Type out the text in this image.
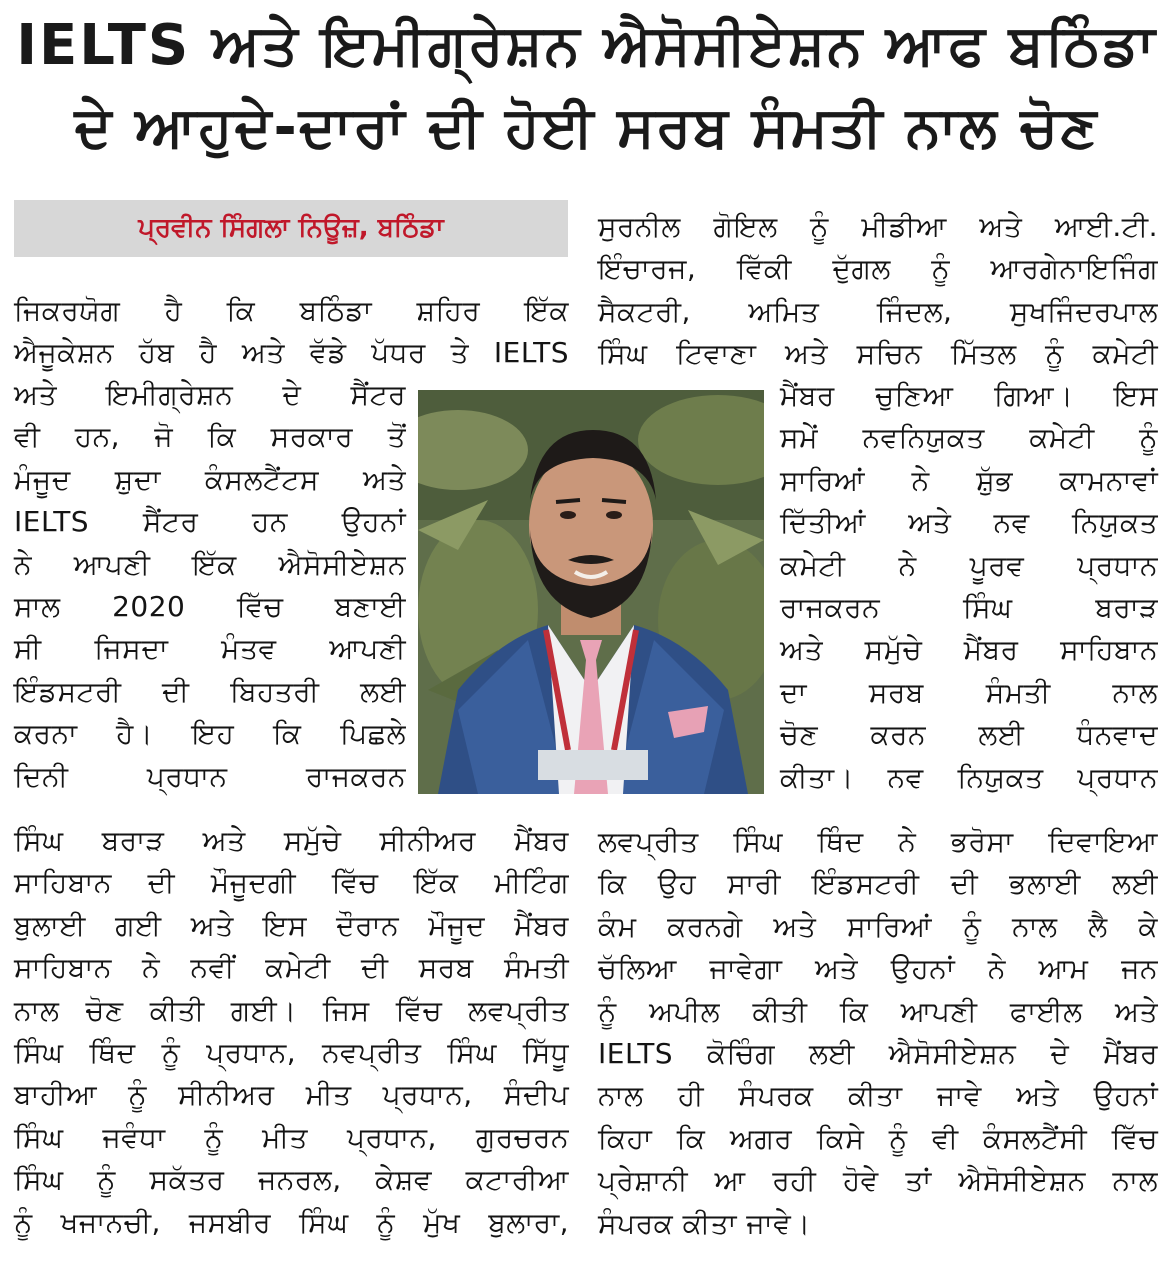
IELTS ਅਤੇ ਇਮੀਗ੍ਰੇਸ਼ਨ ਐਸੋਸੀਏਸ਼ਨ ਆਫ ਬਠਿੰਡਾ
ਦੇ ਆਹੁਦੇ-ਦਾਰਾਂ ਦੀ ਹੋਈ ਸਰਬ ਸੰਮਤੀ ਨਾਲ ਚੋਣ
ਪ੍ਰਵੀਨ ਸਿੰਗਲਾ ਨਿਊਜ਼, ਬਠਿੰਡਾ
ਜਿਕਰਯੋਗ ਹੈ ਕਿ ਬਠਿੰਡਾ ਸ਼ਹਿਰ ਇੱਕ
ਐਜੂਕੇਸ਼ਨ ਹੱਬ ਹੈ ਅਤੇ ਵੱਡੇ ਪੱਧਰ ਤੇ IELTS
ਅਤੇ ਇਮੀਗ੍ਰੇਸ਼ਨ ਦੇ ਸੈਂਟਰ
ਵੀ ਹਨ, ਜੋ ਕਿ ਸਰਕਾਰ ਤੋਂ
ਮੰਜੂਦ ਸ਼ੁਦਾ ਕੰਸਲਟੈਂਟਸ ਅਤੇ
IELTS ਸੈਂਟਰ ਹਨ ਉਹਨਾਂ
ਨੇ ਆਪਣੀ ਇੱਕ ਐਸੋਸੀਏਸ਼ਨ
ਸਾਲ 2020 ਵਿੱਚ ਬਣਾਈ
ਸੀ ਜਿਸਦਾ ਮੰਤਵ ਆਪਣੀ
ਇੰਡਸਟਰੀ ਦੀ ਬਿਹਤਰੀ ਲਈ
ਕਰਨਾ ਹੈ। ਇਹ ਕਿ ਪਿਛਲੇ
ਦਿਨੀ ਪ੍ਰਧਾਨ ਰਾਜਕਰਨ
ਸਿੰਘ ਬਰਾੜ ਅਤੇ ਸਮੁੱਚੇ ਸੀਨੀਅਰ ਮੈਂਬਰ
ਸਾਹਿਬਾਨ ਦੀ ਮੌਜੂਦਗੀ ਵਿੱਚ ਇੱਕ ਮੀਟਿੰਗ
ਬੁਲਾਈ ਗਈ ਅਤੇ ਇਸ ਦੌਰਾਨ ਮੌਜੂਦ ਮੈਂਬਰ
ਸਾਹਿਬਾਨ ਨੇ ਨਵੀਂ ਕਮੇਟੀ ਦੀ ਸਰਬ ਸੰਮਤੀ
ਨਾਲ ਚੋਣ ਕੀਤੀ ਗਈ। ਜਿਸ ਵਿੱਚ ਲਵਪ੍ਰੀਤ
ਸਿੰਘ ਥਿੰਦ ਨੂੰ ਪ੍ਰਧਾਨ, ਨਵਪ੍ਰੀਤ ਸਿੰਘ ਸਿੱਧੂ
ਬਾਹੀਆ ਨੂੰ ਸੀਨੀਅਰ ਮੀਤ ਪ੍ਰਧਾਨ, ਸੰਦੀਪ
ਸਿੰਘ ਜਵੰਧਾ ਨੂੰ ਮੀਤ ਪ੍ਰਧਾਨ, ਗੁਰਚਰਨ
ਸਿੰਘ ਨੂੰ ਸਕੱਤਰ ਜਨਰਲ, ਕੇਸ਼ਵ ਕਟਾਰੀਆ
ਨੂੰ ਖਜਾਨਚੀ, ਜਸਬੀਰ ਸਿੰਘ ਨੂੰ ਮੁੱਖ ਬੁਲਾਰਾ,
ਸੁਰਨੀਲ ਗੋਇਲ ਨੂੰ ਮੀਡੀਆ ਅਤੇ ਆਈ.ਟੀ.
ਇੰਚਾਰਜ, ਵਿੱਕੀ ਦੁੱਗਲ ਨੂੰ ਆਰਗੇਨਾਇਜਿੰਗ
ਸੈਕਟਰੀ, ਅਮਿਤ ਜਿੰਦਲ, ਸੁਖਜਿੰਦਰਪਾਲ
ਸਿੰਘ ਟਿਵਾਣਾ ਅਤੇ ਸਚਿਨ ਮਿੱਤਲ ਨੂੰ ਕਮੇਟੀ
ਮੈਂਬਰ ਚੁਣਿਆ ਗਿਆ। ਇਸ
ਸਮੇਂ ਨਵਨਿਯੁਕਤ ਕਮੇਟੀ ਨੂੰ
ਸਾਰਿਆਂ ਨੇ ਸ਼ੁੱਭ ਕਾਮਨਾਵਾਂ
ਦਿੱਤੀਆਂ ਅਤੇ ਨਵ ਨਿਯੁਕਤ
ਕਮੇਟੀ ਨੇ ਪੂਰਵ ਪ੍ਰਧਾਨ
ਰਾਜਕਰਨ ਸਿੰਘ ਬਰਾੜ
ਅਤੇ ਸਮੁੱਚੇ ਮੈਂਬਰ ਸਾਹਿਬਾਨ
ਦਾ ਸਰਬ ਸੰਮਤੀ ਨਾਲ
ਚੋਣ ਕਰਨ ਲਈ ਧੰਨਵਾਦ
ਕੀਤਾ। ਨਵ ਨਿਯੁਕਤ ਪ੍ਰਧਾਨ
ਲਵਪ੍ਰੀਤ ਸਿੰਘ ਥਿੰਦ ਨੇ ਭਰੋਸਾ ਦਿਵਾਇਆ
ਕਿ ਉਹ ਸਾਰੀ ਇੰਡਸਟਰੀ ਦੀ ਭਲਾਈ ਲਈ
ਕੰਮ ਕਰਨਗੇ ਅਤੇ ਸਾਰਿਆਂ ਨੂੰ ਨਾਲ ਲੈ ਕੇ
ਚੱਲਿਆ ਜਾਵੇਗਾ ਅਤੇ ਉਹਨਾਂ ਨੇ ਆਮ ਜਨ
ਨੂੰ ਅਪੀਲ ਕੀਤੀ ਕਿ ਆਪਣੀ ਫਾਈਲ ਅਤੇ
IELTS ਕੋਚਿੰਗ ਲਈ ਐਸੋਸੀਏਸ਼ਨ ਦੇ ਮੈਂਬਰ
ਨਾਲ ਹੀ ਸੰਪਰਕ ਕੀਤਾ ਜਾਵੇ ਅਤੇ ਉਹਨਾਂ
ਕਿਹਾ ਕਿ ਅਗਰ ਕਿਸੇ ਨੂੰ ਵੀ ਕੰਸਲਟੈਂਸੀ ਵਿੱਚ
ਪ੍ਰੇਸ਼ਾਨੀ ਆ ਰਹੀ ਹੋਵੇ ਤਾਂ ਐਸੋਸੀਏਸ਼ਨ ਨਾਲ
ਸੰਪਰਕ ਕੀਤਾ ਜਾਵੇ।
